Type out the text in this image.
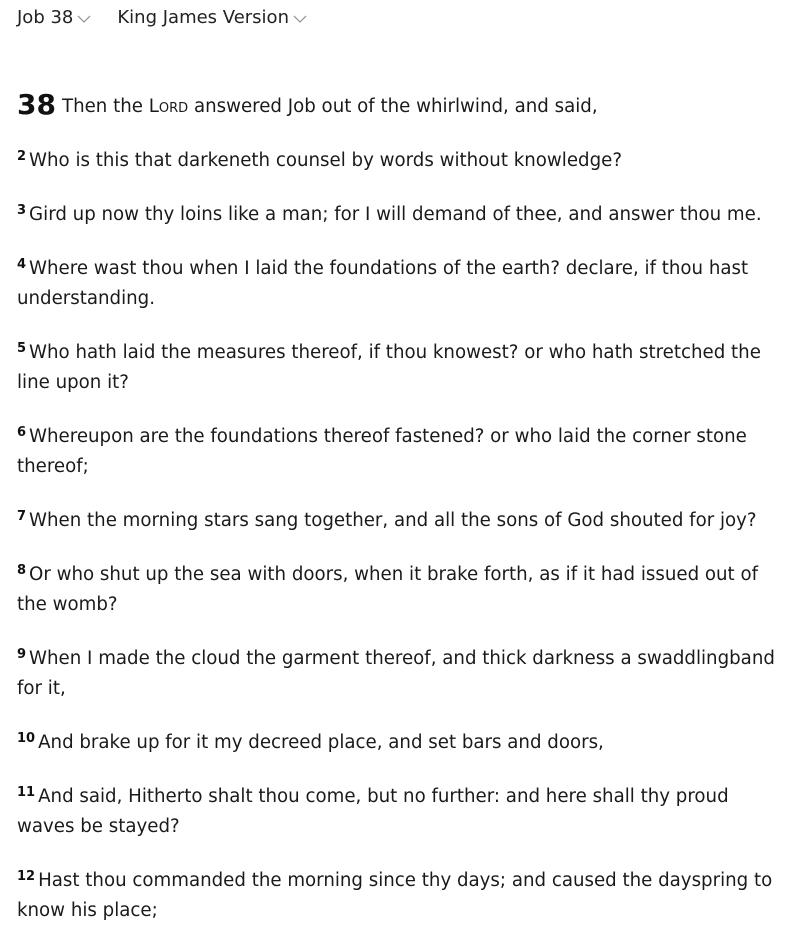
Job 38 King James Version

38 Then the Lord answered Job out of the whirlwind, and said,

$^2$ Who is this that darkeneth counsel by words without knowledge?

$^3$ Gird up now thy loins like a man; for I will demand of thee, and answer thou me.

$^4$ Where wast thou when I laid the foundations of the earth? declare, if thou hast understanding.

$^5$ Who hath laid the measures thereof, if thou knowest? or who hath stretched the line upon it?

$^6$ Whereupon are the foundations thereof fastened? or who laid the corner stone thereof;

$^7$ When the morning stars sang together, and all the sons of God shouted for joy?

$^8$ Or who shut up the sea with doors, when it brake forth, as if it had issued out of the womb?

$^9$ When I made the cloud the garment thereof, and thick darkness a swaddlingband for it,

$^{10}$ And brake up for it my decreed place, and set bars and doors,

$^{11}$ And said, Hitherto shalt thou come, but no further: and here shall thy proud waves be stayed?

$^{12}$ Hast thou commanded the morning since thy days; and caused the dayspring to know his place;
